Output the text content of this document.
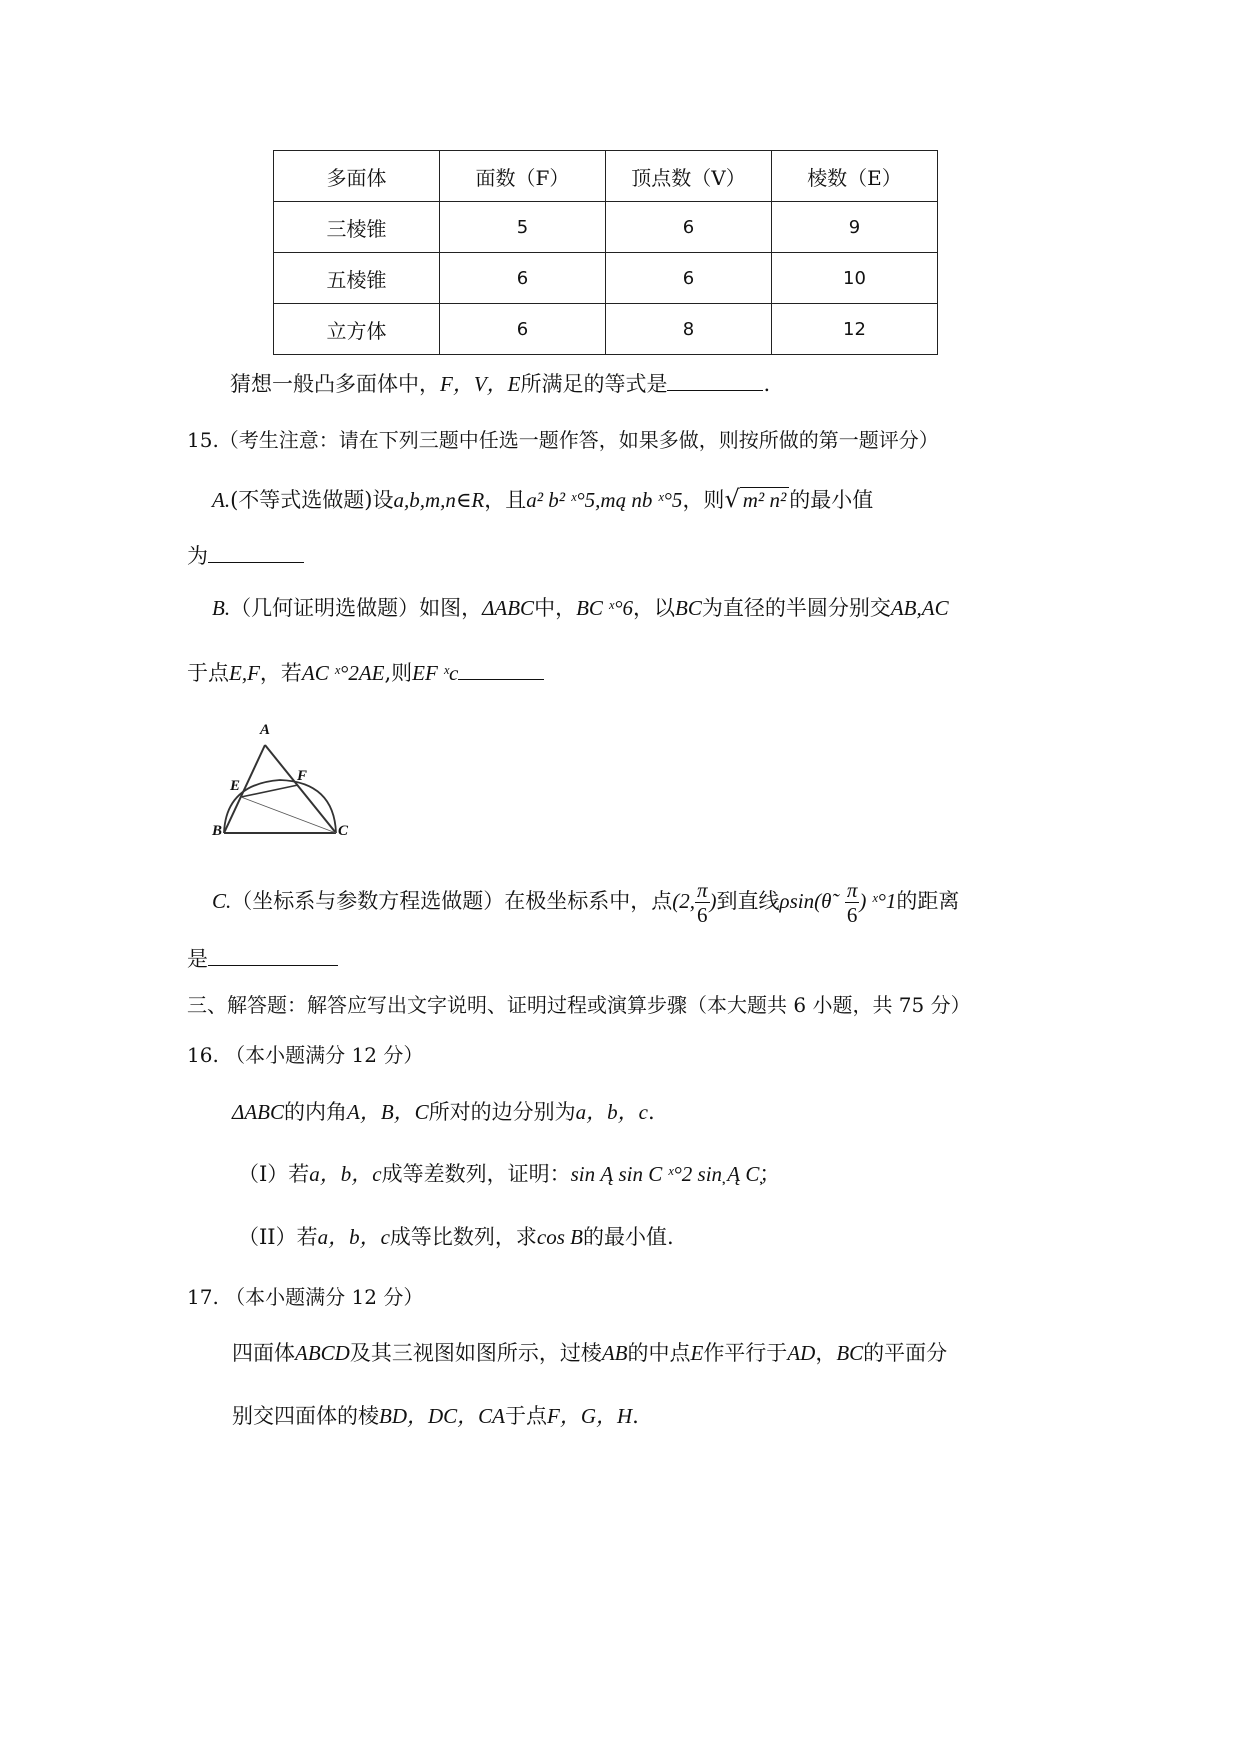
多面体	面数（F）	顶点数（V）	棱数（E）
三棱锥	5	6	9
五棱锥	6	6	10
立方体	6	8	12
猜想一般凸多面体中，F，V，E所满足的等式是	.
15.（考生注意：请在下列三题中任选一题作答，如果多做，则按所做的第一题评分）
A.(不等式选做题)设a,b,m,n∈R，且a² b² ˣ°5,mą nb ˣ°5，则√ m² n² 的最小值
为
B.（几何证明选做题）如图，ΔABC中，BC ˣ°6，以BC为直径的半圆分别交AB,AC
于点E,F，若AC ˣ°2AE,则EF ˣc
A
E
F
B	C
C.（坐标系与参数方程选做题）在极坐标系中，点(2, $\frac{\pi}{6}$ )到直线ρsin(θ̃ $\frac{\pi}{6}$ ) ˣ°1的距离
是
三、解答题：解答应写出文字说明、证明过程或演算步骤（本大题共 6 小题，共 75 分）
16. （本小题满分 12 分）
ΔABC的内角A，B，C所对的边分别为a，b，c.
（I）若a，b，c成等差数列，证明：sin Ą sin C ˣ°2 sin̦ Ą C̦；
（II）若a，b，c成等比数列，求cos B的最小值.
17. （本小题满分 12 分）
四面体ABCD及其三视图如图所示，过棱AB的中点E作平行于AD，BC的平面分
别交四面体的棱BD，DC，CA于点F，G，H.
